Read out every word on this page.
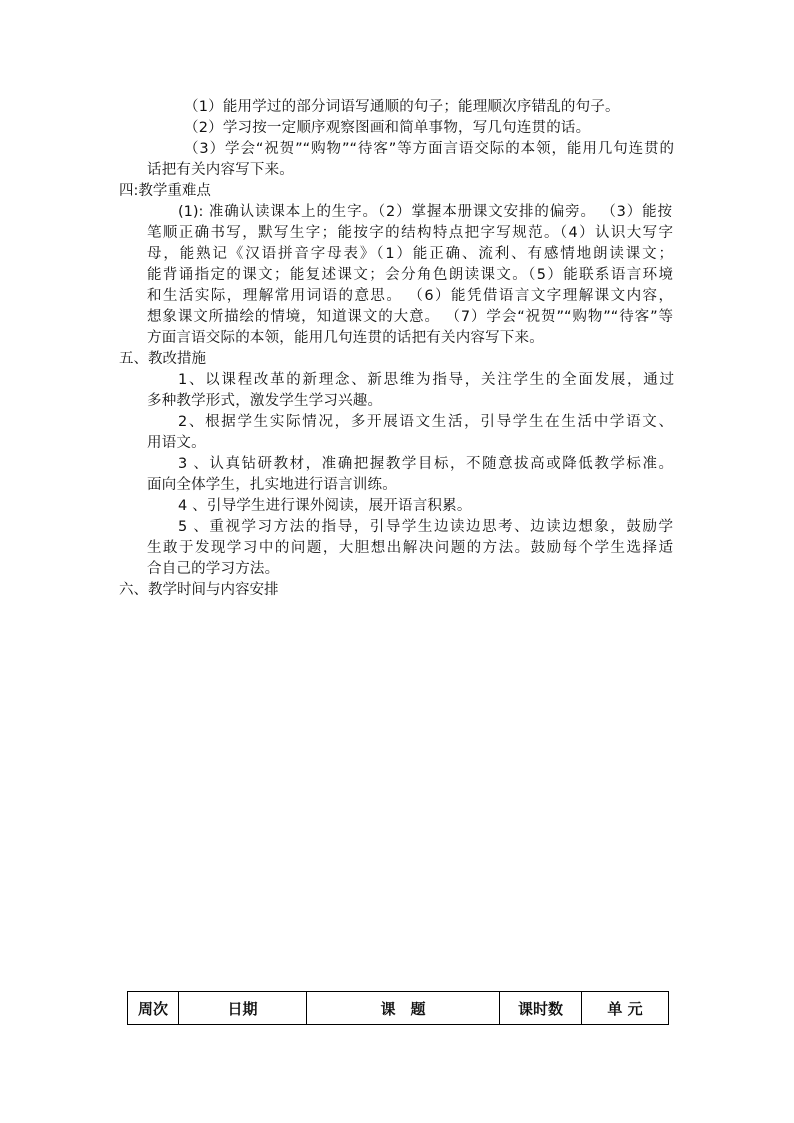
（1）能用学过的部分词语写通顺的句子；能理顺次序错乱的句子。
（2）学习按一定顺序观察图画和简单事物，写几句连贯的话。
（3）学会“祝贺”“购物”“待客”等方面言语交际的本领，能用几句连贯的
话把有关内容写下来。
四:教学重难点
(1): 准确认读课本上的生字。（2）掌握本册课文安排的偏旁。 （3）能按
笔顺正确书写，默写生字；能按字的结构特点把字写规范。（4）认识大写字
母，能熟记《汉语拼音字母表》（1）能正确、流利、有感情地朗读课文；
能背诵指定的课文；能复述课文；会分角色朗读课文。（5）能联系语言环境
和生活实际，理解常用词语的意思。 （6）能凭借语言文字理解课文内容，
想象课文所描绘的情境，知道课文的大意。 （7）学会“祝贺”“购物”“待客”等
方面言语交际的本领，能用几句连贯的话把有关内容写下来。
五、教改措施
1、以课程改革的新理念、新思维为指导，关注学生的全面发展，通过
多种教学形式，激发学生学习兴趣。
2、根据学生实际情况，多开展语文生活，引导学生在生活中学语文、
用语文。
3 、认真钻研教材，准确把握教学目标，不随意拔高或降低教学标准。
面向全体学生，扎实地进行语言训练。
4 、引导学生进行课外阅读，展开语言积累。
5 、重视学习方法的指导，引导学生边读边思考、边读边想象，鼓励学
生敢于发现学习中的问题，大胆想出解决问题的方法。鼓励每个学生选择适
合自己的学习方法。
六、教学时间与内容安排
周次	日期	课　题	课时数	单 元
